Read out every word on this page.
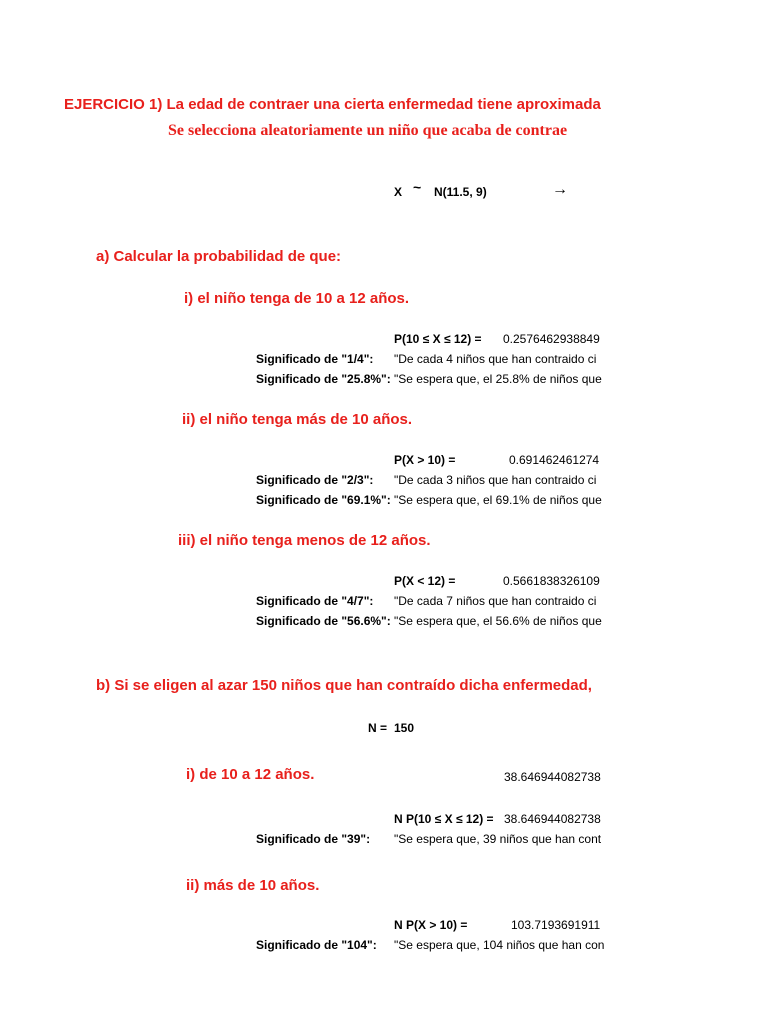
EJERCICIO 1) La edad de contraer una cierta enfermedad tiene aproximada
Se selecciona aleatoriamente un niño que acaba de contrae
X ~ N(11.5, 9)
a) Calcular la probabilidad de que:
i) el niño tenga de 10 a 12 años.
P(10 ≤ X ≤ 12) = 0.2576462938849
Significado de "1/4": "De cada 4 niños que han contraido ci
Significado de "25.8%": "Se espera que, el 25.8% de niños que
ii) el niño tenga más de 10 años.
P(X > 10) =	0.691462461274
Significado de "2/3": "De cada 3 niños que han contraido ci
Significado de "69.1%": "Se espera que, el 69.1% de niños que
iii) el niño tenga menos de 12 años.
P(X < 12) =	0.5661838326109
Significado de "4/7": "De cada 7 niños que han contraido ci
Significado de "56.6%": "Se espera que, el 56.6% de niños que
b) Si se eligen al azar 150 niños que han contraído dicha enfermedad,
N = 150
i) de 10 a 12 años.	38.646944082738
N P(10 ≤ X ≤ 12) = 38.646944082738
Significado de "39": "Se espera que, 39 niños que han cont
ii) más de 10 años.
N P(X > 10) =	103.7193691911
Significado de "104": "Se espera que, 104 niños que han con
→
